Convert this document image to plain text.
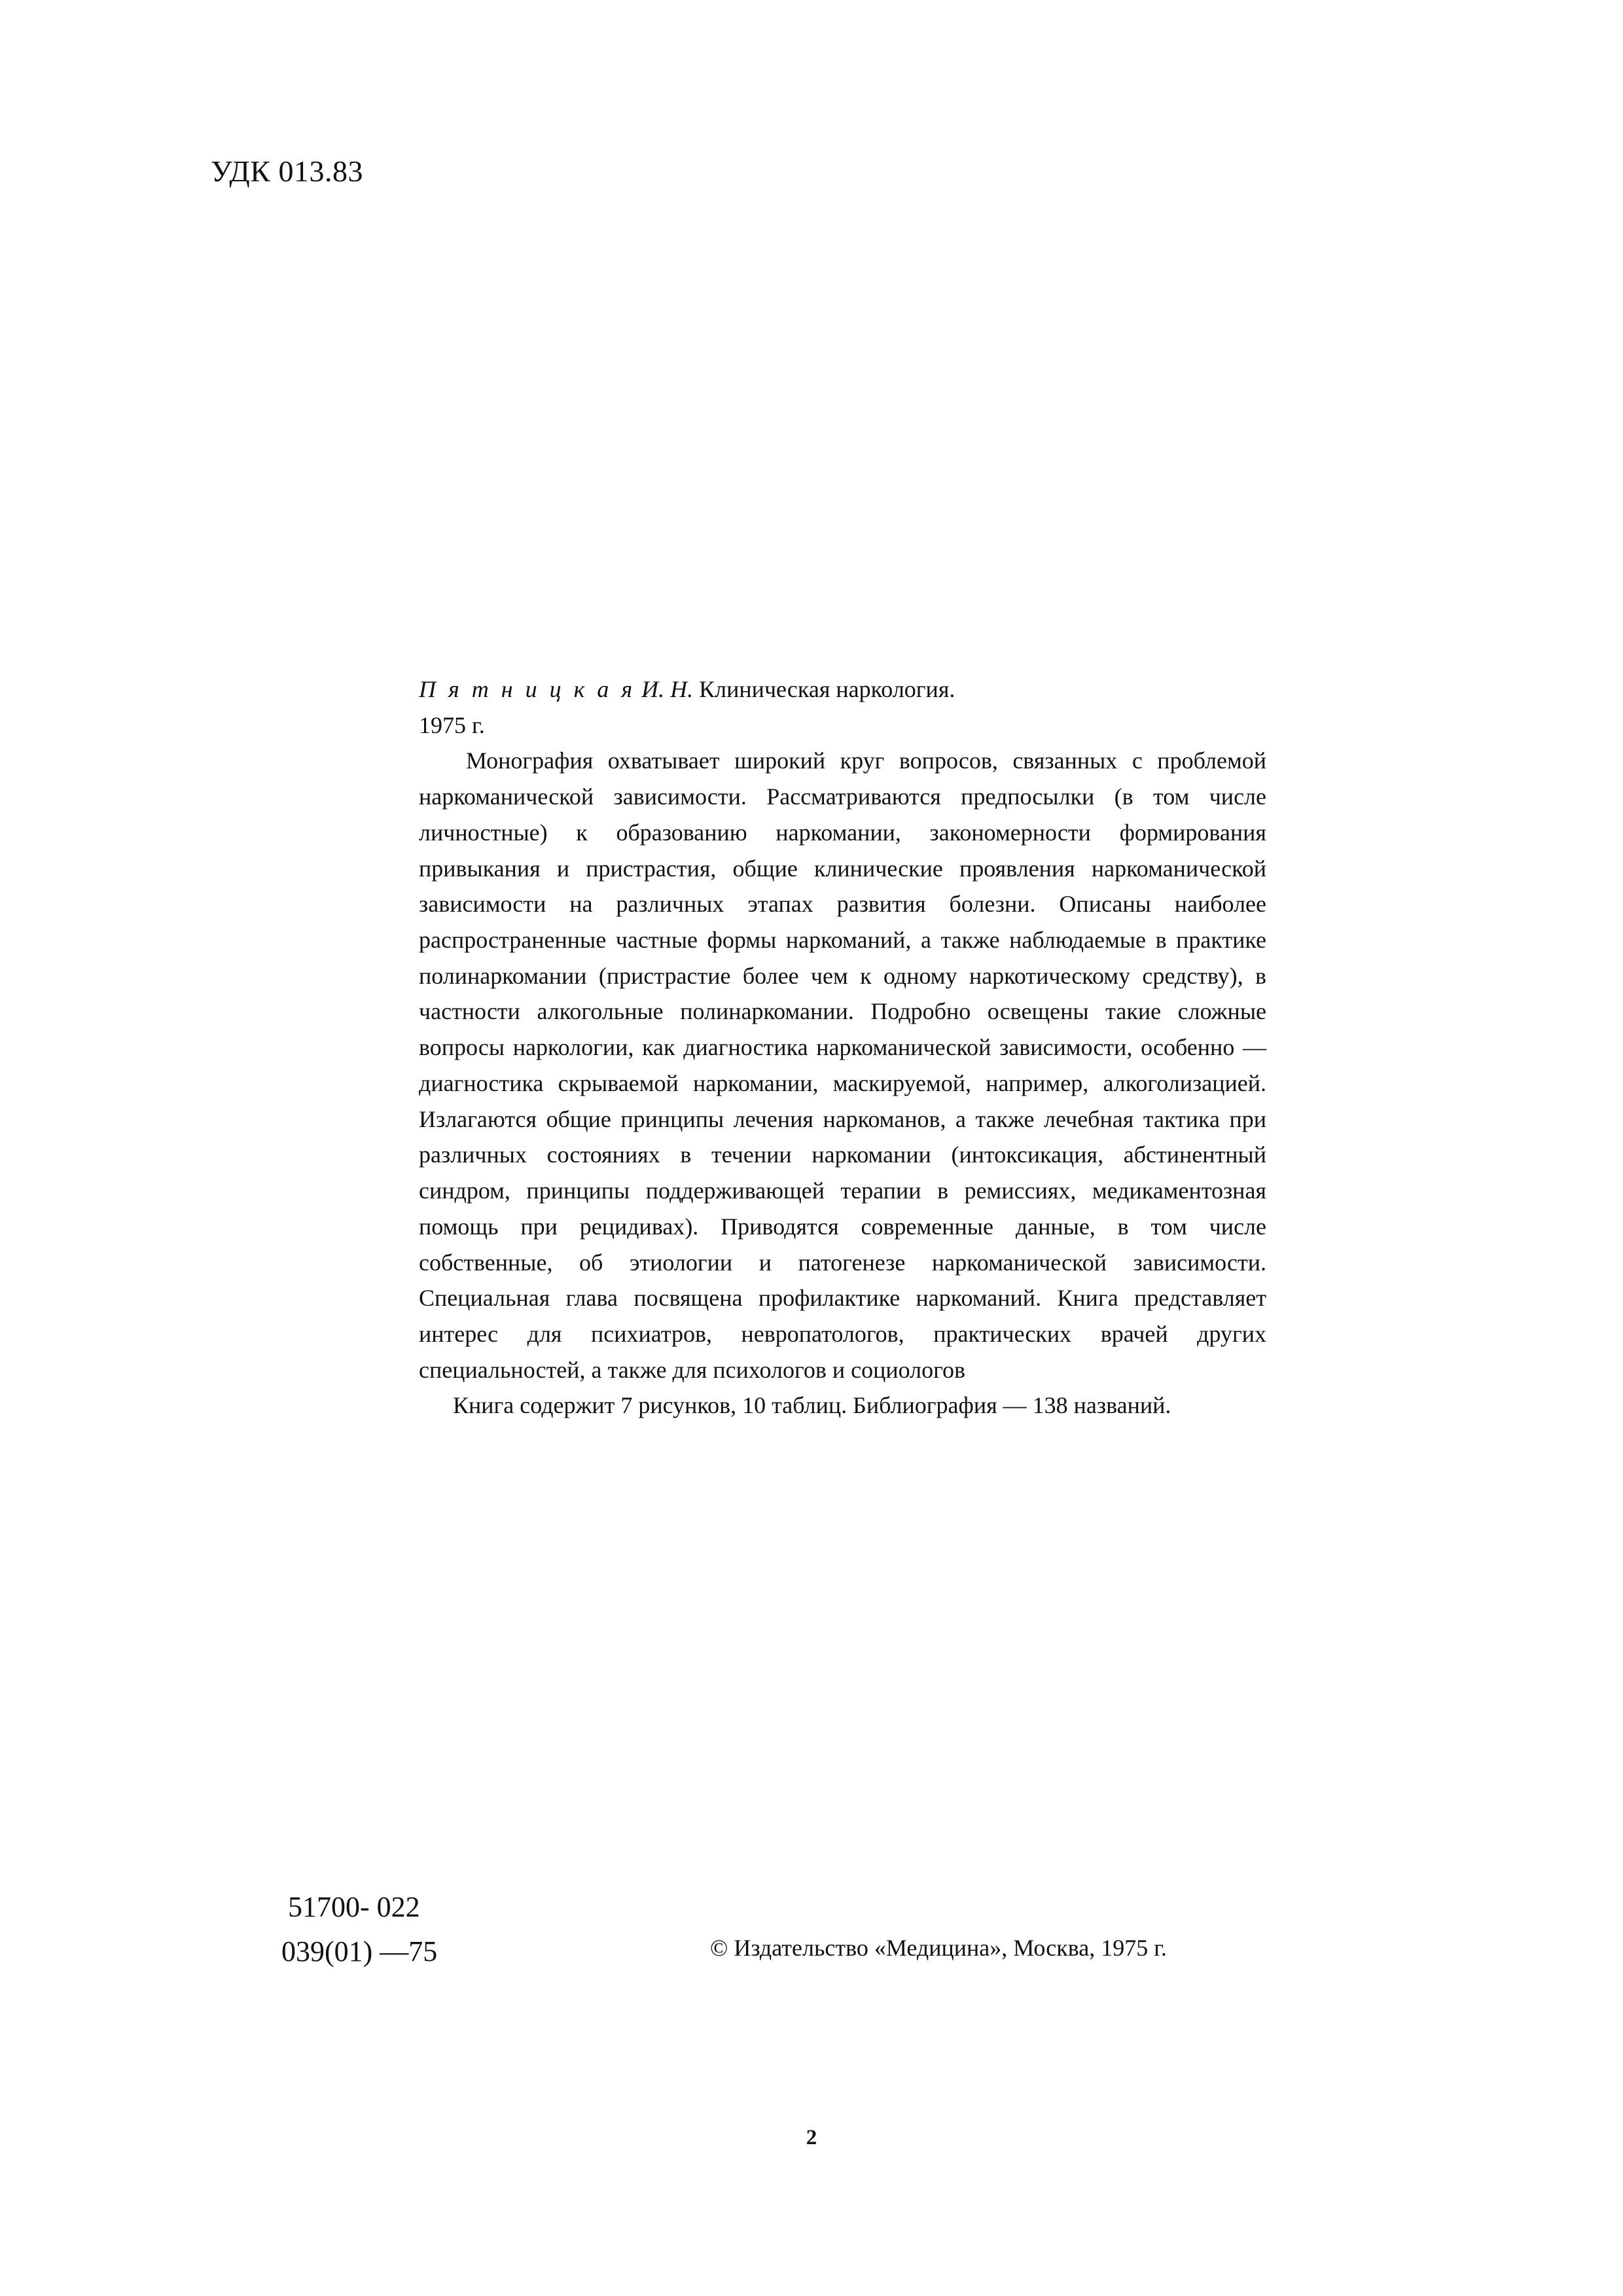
УДК 013.83

П я т н и ц к а я И. Н. Клиническая наркология.

1975 г.

Монография охватывает широкий круг вопросов, связанных с проблемой наркоманической зависимости. Рассматриваются предпосылки (в том числе личностные) к образованию наркомании, закономерности формирования привыкания и пристрастия, общие клинические проявления наркоманической зависимости на различных этапах развития болезни. Описаны наиболее распространенные частные формы наркоманий, а также наблюдаемые в практике полинаркомании (пристрастие более чем к одному наркотическому средству), в частности алкогольные полинаркомании. Подробно освещены такие сложные вопросы наркологии, как диагностика наркоманической зависимости, особенно — диагностика скрываемой наркомании, маскируемой, например, алкоголизацией. Излагаются общие принципы лечения наркоманов, а также лечебная тактика при различных состояниях в течении наркомании (интоксикация, абстинентный синдром, принципы поддерживающей терапии в ремиссиях, медикаментозная помощь при рецидивах). Приводятся современные данные, в том числе собственные, об этиологии и патогенезе наркоманической зависимости. Специальная глава посвящена профилактике наркоманий. Книга представляет интерес для психиатров, невропатологов, практических врачей других специальностей, а также для психологов и социологов

Книга содержит 7 рисунков, 10 таблиц. Библиография — 138 названий.

51700- 022
039(01) —75	© Издательство «Медицина», Москва, 1975 г.
2
